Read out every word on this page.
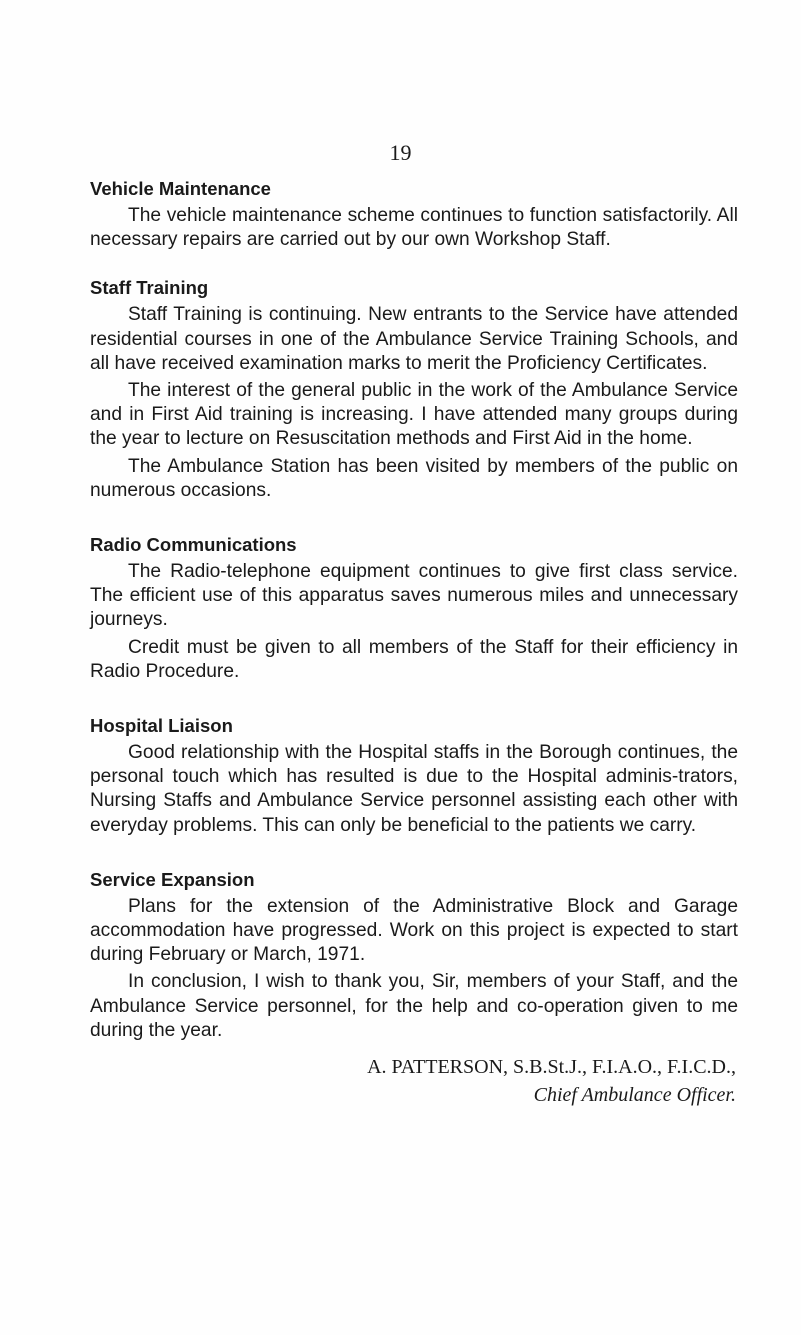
19
Vehicle Maintenance

The vehicle maintenance scheme continues to function satisfactorily. All necessary repairs are carried out by our own Workshop Staff.

Staff Training

Staff Training is continuing. New entrants to the Service have attended residential courses in one of the Ambulance Service Training Schools, and all have received examination marks to merit the Proficiency Certificates.

The interest of the general public in the work of the Ambulance Service and in First Aid training is increasing. I have attended many groups during the year to lecture on Resuscitation methods and First Aid in the home.

The Ambulance Station has been visited by members of the public on numerous occasions.

Radio Communications

The Radio-telephone equipment continues to give first class service. The efficient use of this apparatus saves numerous miles and unnecessary journeys.

Credit must be given to all members of the Staff for their efficiency in Radio Procedure.

Hospital Liaison

Good relationship with the Hospital staffs in the Borough continues, the personal touch which has resulted is due to the Hospital adminis-trators, Nursing Staffs and Ambulance Service personnel assisting each other with everyday problems. This can only be beneficial to the patients we carry.

Service Expansion

Plans for the extension of the Administrative Block and Garage accommodation have progressed. Work on this project is expected to start during February or March, 1971.

In conclusion, I wish to thank you, Sir, members of your Staff, and the Ambulance Service personnel, for the help and co-operation given to me during the year.

A. PATTERSON, S.B.St.J., F.I.A.O., F.I.C.D.,
Chief Ambulance Officer.
